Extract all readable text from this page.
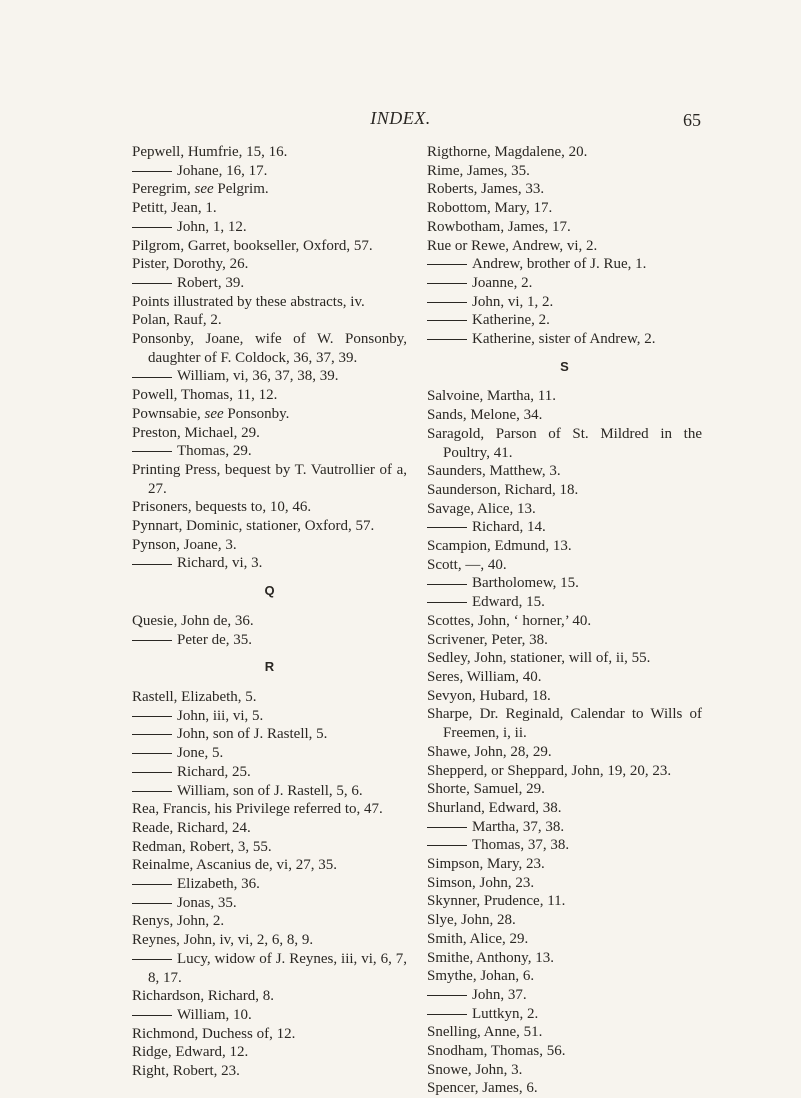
INDEX.	65
Pepwell, Humfrie, 15, 16.
Johane, 16, 17.
Peregrim, see Pelgrim.
Petitt, Jean, 1.
John, 1, 12.
Pilgrom, Garret, bookseller, Oxford, 57.
Pister, Dorothy, 26.
Robert, 39.
Points illustrated by these abstracts, iv.
Polan, Rauf, 2.
Ponsonby, Joane, wife of W. Ponsonby, daughter of F. Coldock, 36, 37, 39.
William, vi, 36, 37, 38, 39.
Powell, Thomas, 11, 12.
Pownsabie, see Ponsonby.
Preston, Michael, 29.
Thomas, 29.
Printing Press, bequest by T. Vautrollier of a, 27.
Prisoners, bequests to, 10, 46.
Pynnart, Dominic, stationer, Oxford, 57.
Pynson, Joane, 3.
Richard, vi, 3.
Q
Quesie, John de, 36.
Peter de, 35.
R
Rastell, Elizabeth, 5.
John, iii, vi, 5.
John, son of J. Rastell, 5.
Jone, 5.
Richard, 25.
William, son of J. Rastell, 5, 6.
Rea, Francis, his Privilege referred to, 47.
Reade, Richard, 24.
Redman, Robert, 3, 55.
Reinalme, Ascanius de, vi, 27, 35.
Elizabeth, 36.
Jonas, 35.
Renys, John, 2.
Reynes, John, iv, vi, 2, 6, 8, 9.
Lucy, widow of J. Reynes, iii, vi, 6, 7, 8, 17.
Richardson, Richard, 8.
William, 10.
Richmond, Duchess of, 12.
Ridge, Edward, 12.
Right, Robert, 23.
Rigthorne, Magdalene, 20.
Rime, James, 35.
Roberts, James, 33.
Robottom, Mary, 17.
Rowbotham, James, 17.
Rue or Rewe, Andrew, vi, 2.
Andrew, brother of J. Rue, 1.
Joanne, 2.
John, vi, 1, 2.
Katherine, 2.
Katherine, sister of Andrew, 2.
S
Salvoine, Martha, 11.
Sands, Melone, 34.
Saragold, Parson of St. Mildred in the Poultry, 41.
Saunders, Matthew, 3.
Saunderson, Richard, 18.
Savage, Alice, 13.
Richard, 14.
Scampion, Edmund, 13.
Scott, —, 40.
Bartholomew, 15.
Edward, 15.
Scottes, John, ‘ horner,’ 40.
Scrivener, Peter, 38.
Sedley, John, stationer, will of, ii, 55.
Seres, William, 40.
Sevyon, Hubard, 18.
Sharpe, Dr. Reginald, Calendar to Wills of Freemen, i, ii.
Shawe, John, 28, 29.
Shepperd, or Sheppard, John, 19, 20, 23.
Shorte, Samuel, 29.
Shurland, Edward, 38.
Martha, 37, 38.
Thomas, 37, 38.
Simpson, Mary, 23.
Simson, John, 23.
Skynner, Prudence, 11.
Slye, John, 28.
Smith, Alice, 29.
Smithe, Anthony, 13.
Smythe, Johan, 6.
John, 37.
Luttkyn, 2.
Snelling, Anne, 51.
Snodham, Thomas, 56.
Snowe, John, 3.
Spencer, James, 6.
